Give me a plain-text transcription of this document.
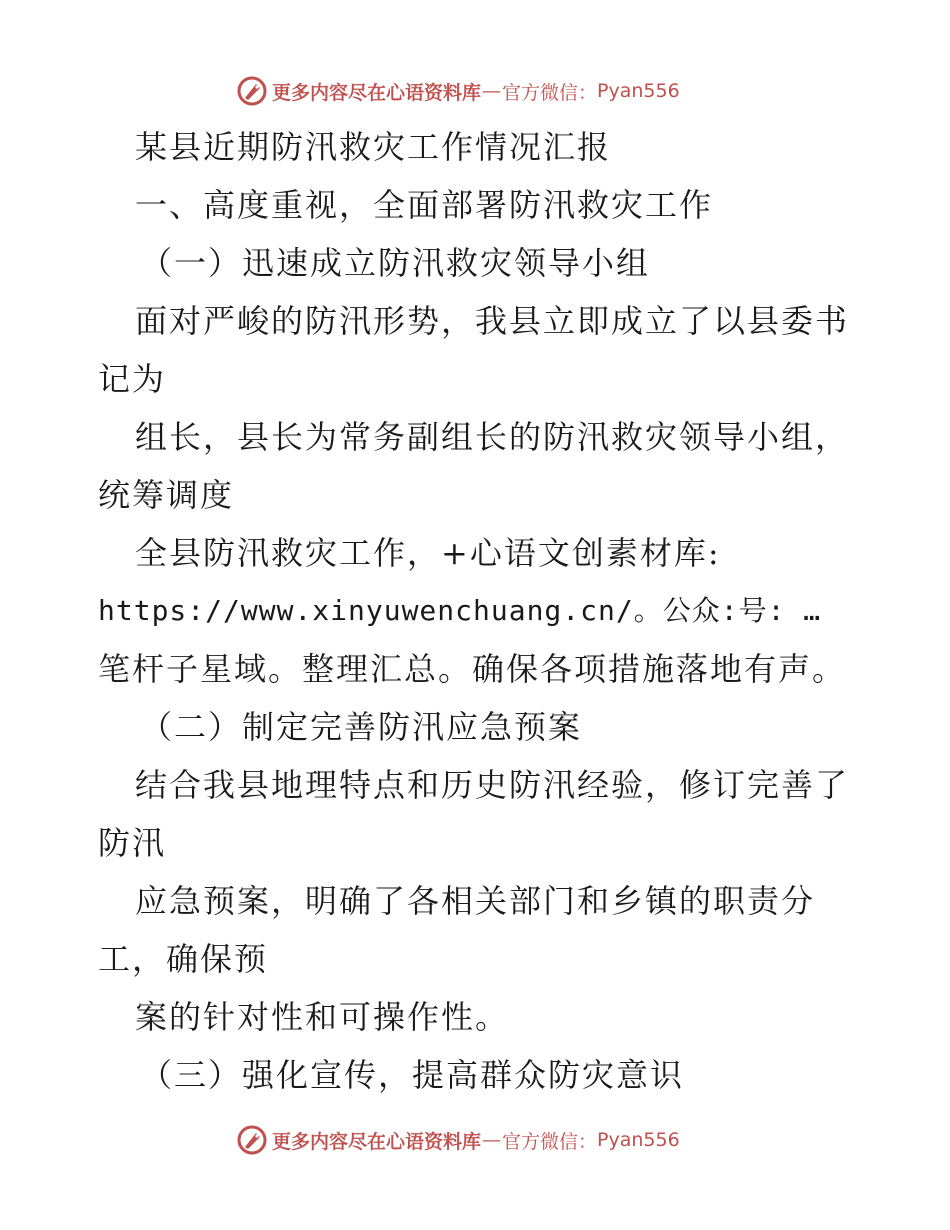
更多内容尽在心语资料库 — 官方微信： Pyan556
某县近期防汛救灾工作情况汇报
一、高度重视，全面部署防汛救灾工作
（一）迅速成立防汛救灾领导小组
面对严峻的防汛形势，我县立即成立了以县委书
记为
组长，县长为常务副组长的防汛救灾领导小组，
统筹调度
全县防汛救灾工作，+心语文创素材库:
https://www.xinyuwenchuang.cn/。公众:号: …
笔杆子星域。整理汇总。确保各项措施落地有声。
（二）制定完善防汛应急预案
结合我县地理特点和历史防汛经验，修订完善了
防汛
应急预案，明确了各相关部门和乡镇的职责分
工，确保预
案的针对性和可操作性。
（三）强化宣传，提高群众防灾意识
更多内容尽在心语资料库 — 官方微信： Pyan556
